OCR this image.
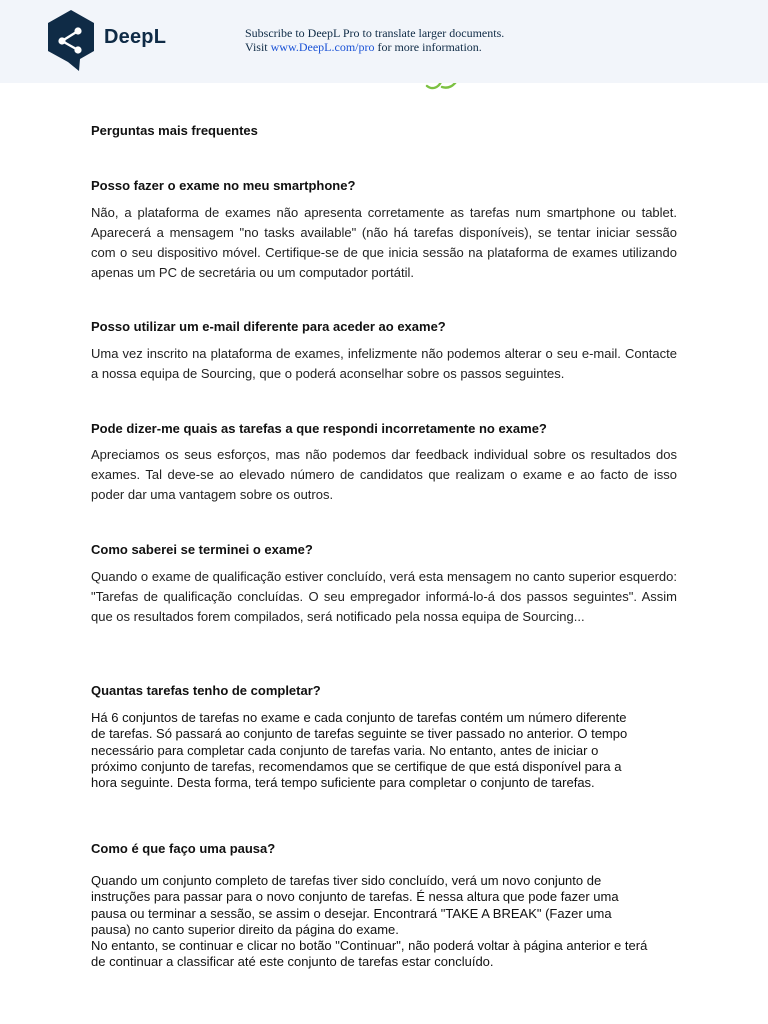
DeepL	Subscribe to DeepL Pro to translate larger documents.
Visit www.DeepL.com/pro for more information.
Perguntas mais frequentes
Posso fazer o exame no meu smartphone?
Não, a plataforma de exames não apresenta corretamente as tarefas num smartphone ou tablet. Aparecerá a mensagem "no tasks available" (não há tarefas disponíveis), se tentar iniciar sessão com o seu dispositivo móvel. Certifique-se de que inicia sessão na plataforma de exames utilizando apenas um PC de secretária ou um computador portátil.
Posso utilizar um e-mail diferente para aceder ao exame?
Uma vez inscrito na plataforma de exames, infelizmente não podemos alterar o seu e-mail. Contacte a nossa equipa de Sourcing, que o poderá aconselhar sobre os passos seguintes.
Pode dizer-me quais as tarefas a que respondi incorretamente no exame?
Apreciamos os seus esforços, mas não podemos dar feedback individual sobre os resultados dos exames. Tal deve-se ao elevado número de candidatos que realizam o exame e ao facto de isso poder dar uma vantagem sobre os outros.
Como saberei se terminei o exame?
Quando o exame de qualificação estiver concluído, verá esta mensagem no canto superior esquerdo: "Tarefas de qualificação concluídas. O seu empregador informá-lo-á dos passos seguintes". Assim que os resultados forem compilados, será notificado pela nossa equipa de Sourcing...
Quantas tarefas tenho de completar?
Há 6 conjuntos de tarefas no exame e cada conjunto de tarefas contém um número diferente
de tarefas. Só passará ao conjunto de tarefas seguinte se tiver passado no anterior. O tempo
necessário para completar cada conjunto de tarefas varia. No entanto, antes de iniciar o
próximo conjunto de tarefas, recomendamos que se certifique de que está disponível para a
hora seguinte. Desta forma, terá tempo suficiente para completar o conjunto de tarefas.
Como é que faço uma pausa?
Quando um conjunto completo de tarefas tiver sido concluído, verá um novo conjunto de
instruções para passar para o novo conjunto de tarefas. É nessa altura que pode fazer uma
pausa ou terminar a sessão, se assim o desejar. Encontrará "TAKE A BREAK" (Fazer uma
pausa) no canto superior direito da página do exame.
No entanto, se continuar e clicar no botão "Continuar", não poderá voltar à página anterior e terá
de continuar a classificar até este conjunto de tarefas estar concluído.
